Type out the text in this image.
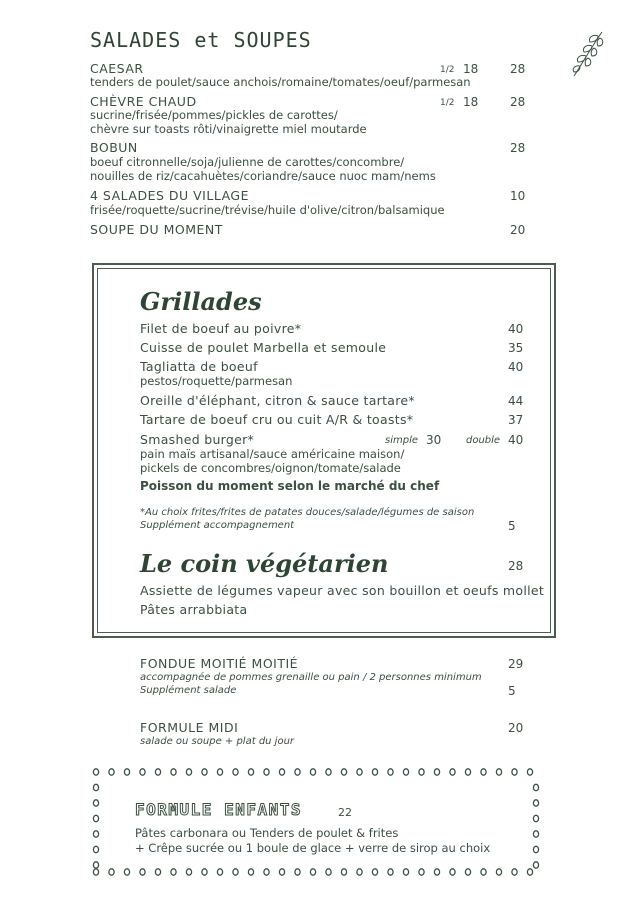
SALADES et SOUPES
CAESAR	1/2 18	28
tenders de poulet/sauce anchois/romaine/tomates/oeuf/parmesan
CHÈVRE CHAUD	1/2 18	28
sucrine/frisée/pommes/pickles de carottes/
chèvre sur toasts rôti/vinaigrette miel moutarde
BOBUN	28
boeuf citronnelle/soja/julienne de carottes/concombre/
nouilles de riz/cacahuètes/coriandre/sauce nuoc mam/nems
4 SALADES DU VILLAGE	10
frisée/roquette/sucrine/trévise/huile d'olive/citron/balsamique
SOUPE DU MOMENT	20
Grillades
Filet de boeuf au poivre*	40
Cuisse de poulet Marbella et semoule	35
Tagliatta de boeuf	40
pestos/roquette/parmesan
Oreille d'éléphant, citron & sauce tartare*	44
Tartare de boeuf cru ou cuit A/R & toasts*	37
Smashed burger*	simple 30 double 40
pain maïs artisanal/sauce américaine maison/
pickels de concombres/oignon/tomate/salade
Poisson du moment selon le marché du chef
*Au choix frites/frites de patates douces/salade/légumes de saison
Supplément accompagnement	5
Le coin végétarien	28
Assiette de légumes vapeur avec son bouillon et oeufs mollet
Pâtes arrabbiata
FONDUE MOITIÉ MOITIÉ	29
accompagnée de pommes grenaille ou pain / 2 personnes minimum
Supplément salade	5
FORMULE MIDI	20
salade ou soupe + plat du jour
FORMULE ENFANTS	22
Pâtes carbonara ou Tenders de poulet & frites
+ Crêpe sucrée ou 1 boule de glace + verre de sirop au choix
